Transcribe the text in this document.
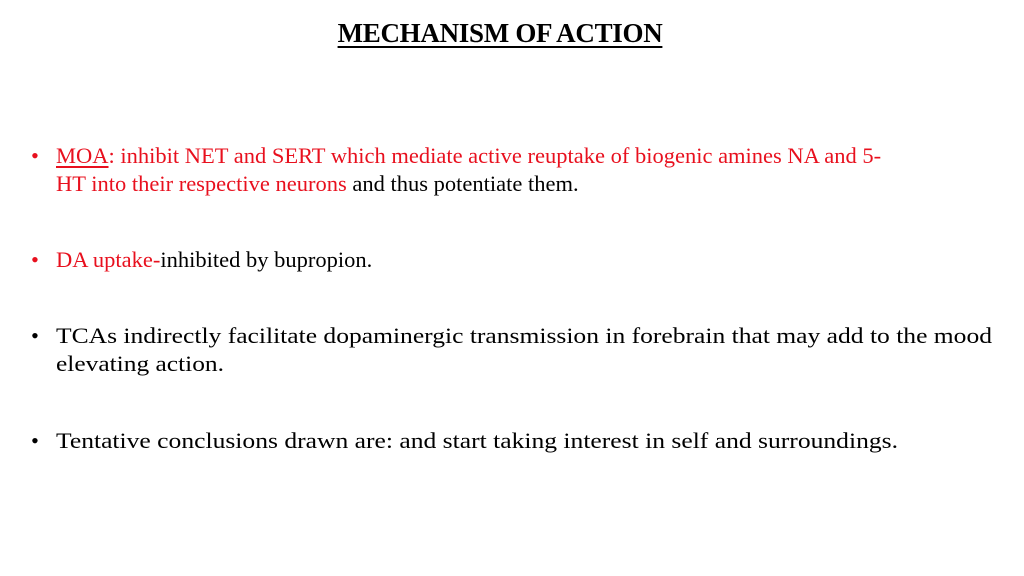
MECHANISM OF ACTION
• MOA: inhibit NET and SERT which mediate active reuptake of biogenic amines NA and 5-
HT into their respective neurons and thus potentiate them.
• DA uptake-inhibited by bupropion.
• TCAs indirectly facilitate dopaminergic transmission in forebrain that may add to the mood
elevating action.
• Tentative conclusions drawn are: and start taking interest in self and surroundings.
